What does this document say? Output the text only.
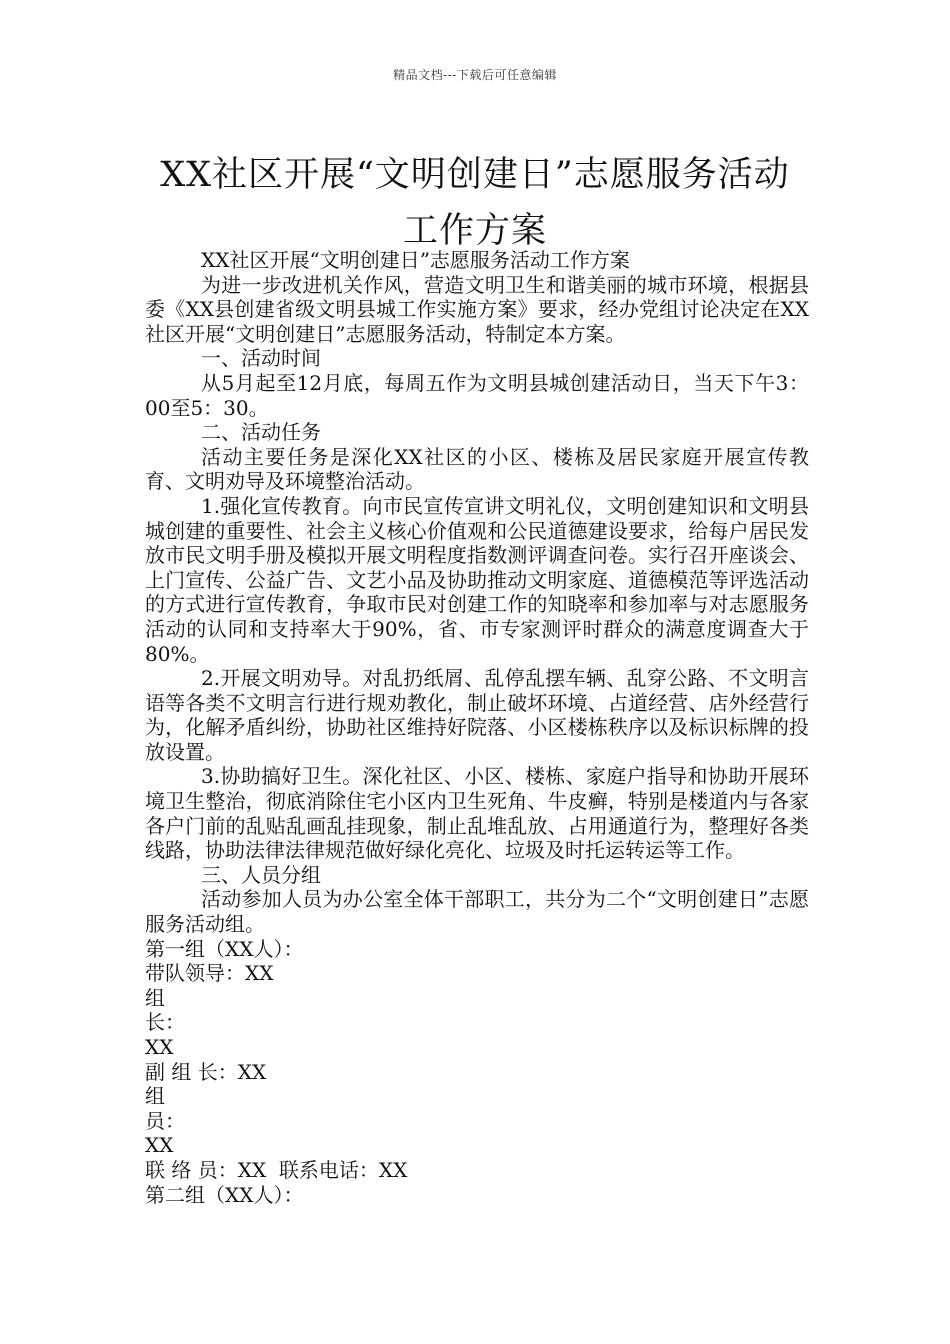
精品文档---下载后可任意编辑
XX社区开展“文明创建日”志愿服务活动
工作方案

XX社区开展“文明创建日”志愿服务活动工作方案

为进一步改进机关作风，营造文明卫生和谐美丽的城市环境，根据县委《XX县创建省级文明县城工作实施方案》要求，经办党组讨论决定在XX社区开展“文明创建日”志愿服务活动，特制定本方案。

一、活动时间

从5月起至12月底，每周五作为文明县城创建活动日，当天下午3：00至5：30。

二、活动任务

活动主要任务是深化XX社区的小区、楼栋及居民家庭开展宣传教育、文明劝导及环境整治活动。

1.强化宣传教育。向市民宣传宣讲文明礼仪，文明创建知识和文明县城创建的重要性、社会主义核心价值观和公民道德建设要求，给每户居民发放市民文明手册及模拟开展文明程度指数测评调查问卷。实行召开座谈会、上门宣传、公益广告、文艺小品及协助推动文明家庭、道德模范等评选活动的方式进行宣传教育，争取市民对创建工作的知晓率和参加率与对志愿服务活动的认同和支持率大于90%，省、市专家测评时群众的满意度调查大于80%。

2.开展文明劝导。对乱扔纸屑、乱停乱摆车辆、乱穿公路、不文明言语等各类不文明言行进行规劝教化，制止破坏环境、占道经营、店外经营行为，化解矛盾纠纷，协助社区维持好院落、小区楼栋秩序以及标识标牌的投放设置。

3.协助搞好卫生。深化社区、小区、楼栋、家庭户指导和协助开展环境卫生整治，彻底消除住宅小区内卫生死角、牛皮癣，特别是楼道内与各家各户门前的乱贴乱画乱挂现象，制止乱堆乱放、占用通道行为，整理好各类线路，协助法律法律规范做好绿化亮化、垃圾及时托运转运等工作。

三、人员分组

活动参加人员为办公室全体干部职工，共分为二个“文明创建日”志愿服务活动组。

第一组（XX人）：

带队领导：XX

组长：XX

副 组 长：XX

组员：XX

联 络 员：XX  联系电话：XX

第二组（XX人）：
